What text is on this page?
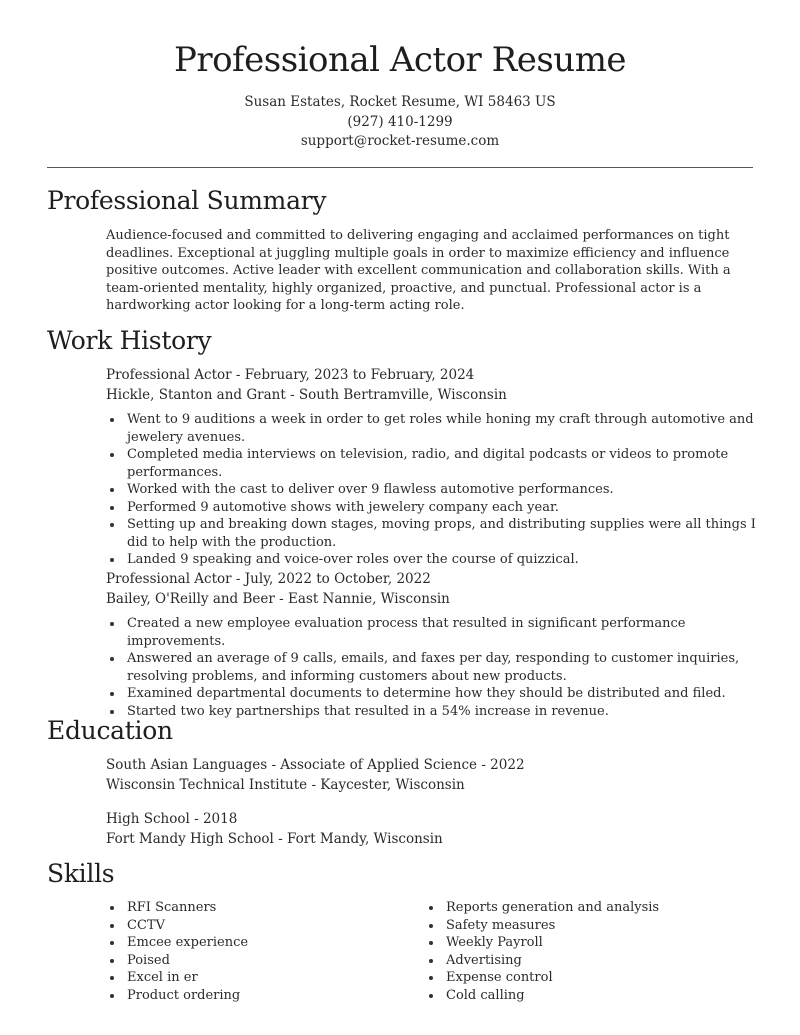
Professional Actor Resume
Susan Estates, Rocket Resume, WI 58463 US
(927) 410-1299
support@rocket-resume.com
Professional Summary
Audience-focused and committed to delivering engaging and acclaimed performances on tight deadlines. Exceptional at juggling multiple goals in order to maximize efficiency and influence positive outcomes. Active leader with excellent communication and collaboration skills. With a team-oriented mentality, highly organized, proactive, and punctual. Professional actor is a hardworking actor looking for a long-term acting role.
Work History
Professional Actor - February, 2023 to February, 2024
Hickle, Stanton and Grant - South Bertramville, Wisconsin
Went to 9 auditions a week in order to get roles while honing my craft through automotive and jewelery avenues.
Completed media interviews on television, radio, and digital podcasts or videos to promote performances.
Worked with the cast to deliver over 9 flawless automotive performances.
Performed 9 automotive shows with jewelery company each year.
Setting up and breaking down stages, moving props, and distributing supplies were all things I did to help with the production.
Landed 9 speaking and voice-over roles over the course of quizzical.
Professional Actor - July, 2022 to October, 2022
Bailey, O'Reilly and Beer - East Nannie, Wisconsin
Created a new employee evaluation process that resulted in significant performance improvements.
Answered an average of 9 calls, emails, and faxes per day, responding to customer inquiries, resolving problems, and informing customers about new products.
Examined departmental documents to determine how they should be distributed and filed.
Started two key partnerships that resulted in a 54% increase in revenue.
Education
South Asian Languages - Associate of Applied Science - 2022
Wisconsin Technical Institute - Kaycester, Wisconsin
High School - 2018
Fort Mandy High School - Fort Mandy, Wisconsin
Skills
RFI Scanners
CCTV
Emcee experience
Poised
Excel in er
Product ordering
Reports generation and analysis
Safety measures
Weekly Payroll
Advertising
Expense control
Cold calling
